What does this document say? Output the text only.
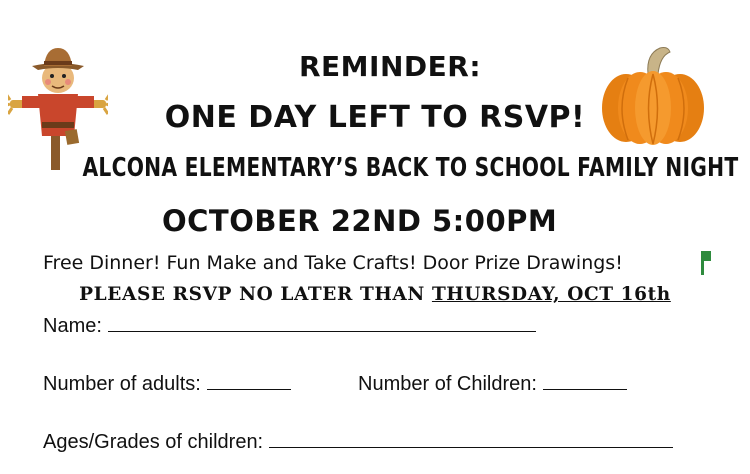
REMINDER:
ONE DAY LEFT TO RSVP!
ALCONA ELEMENTARY’S BACK TO SCHOOL FAMILY NIGHT
OCTOBER 22ND 5:00PM
Free Dinner! Fun Make and Take Crafts! Door Prize Drawings!
PLEASE RSVP NO LATER THAN THURSDAY, OCT 16th
Name:
Number of adults:	Number of Children:
Ages/Grades of children:
